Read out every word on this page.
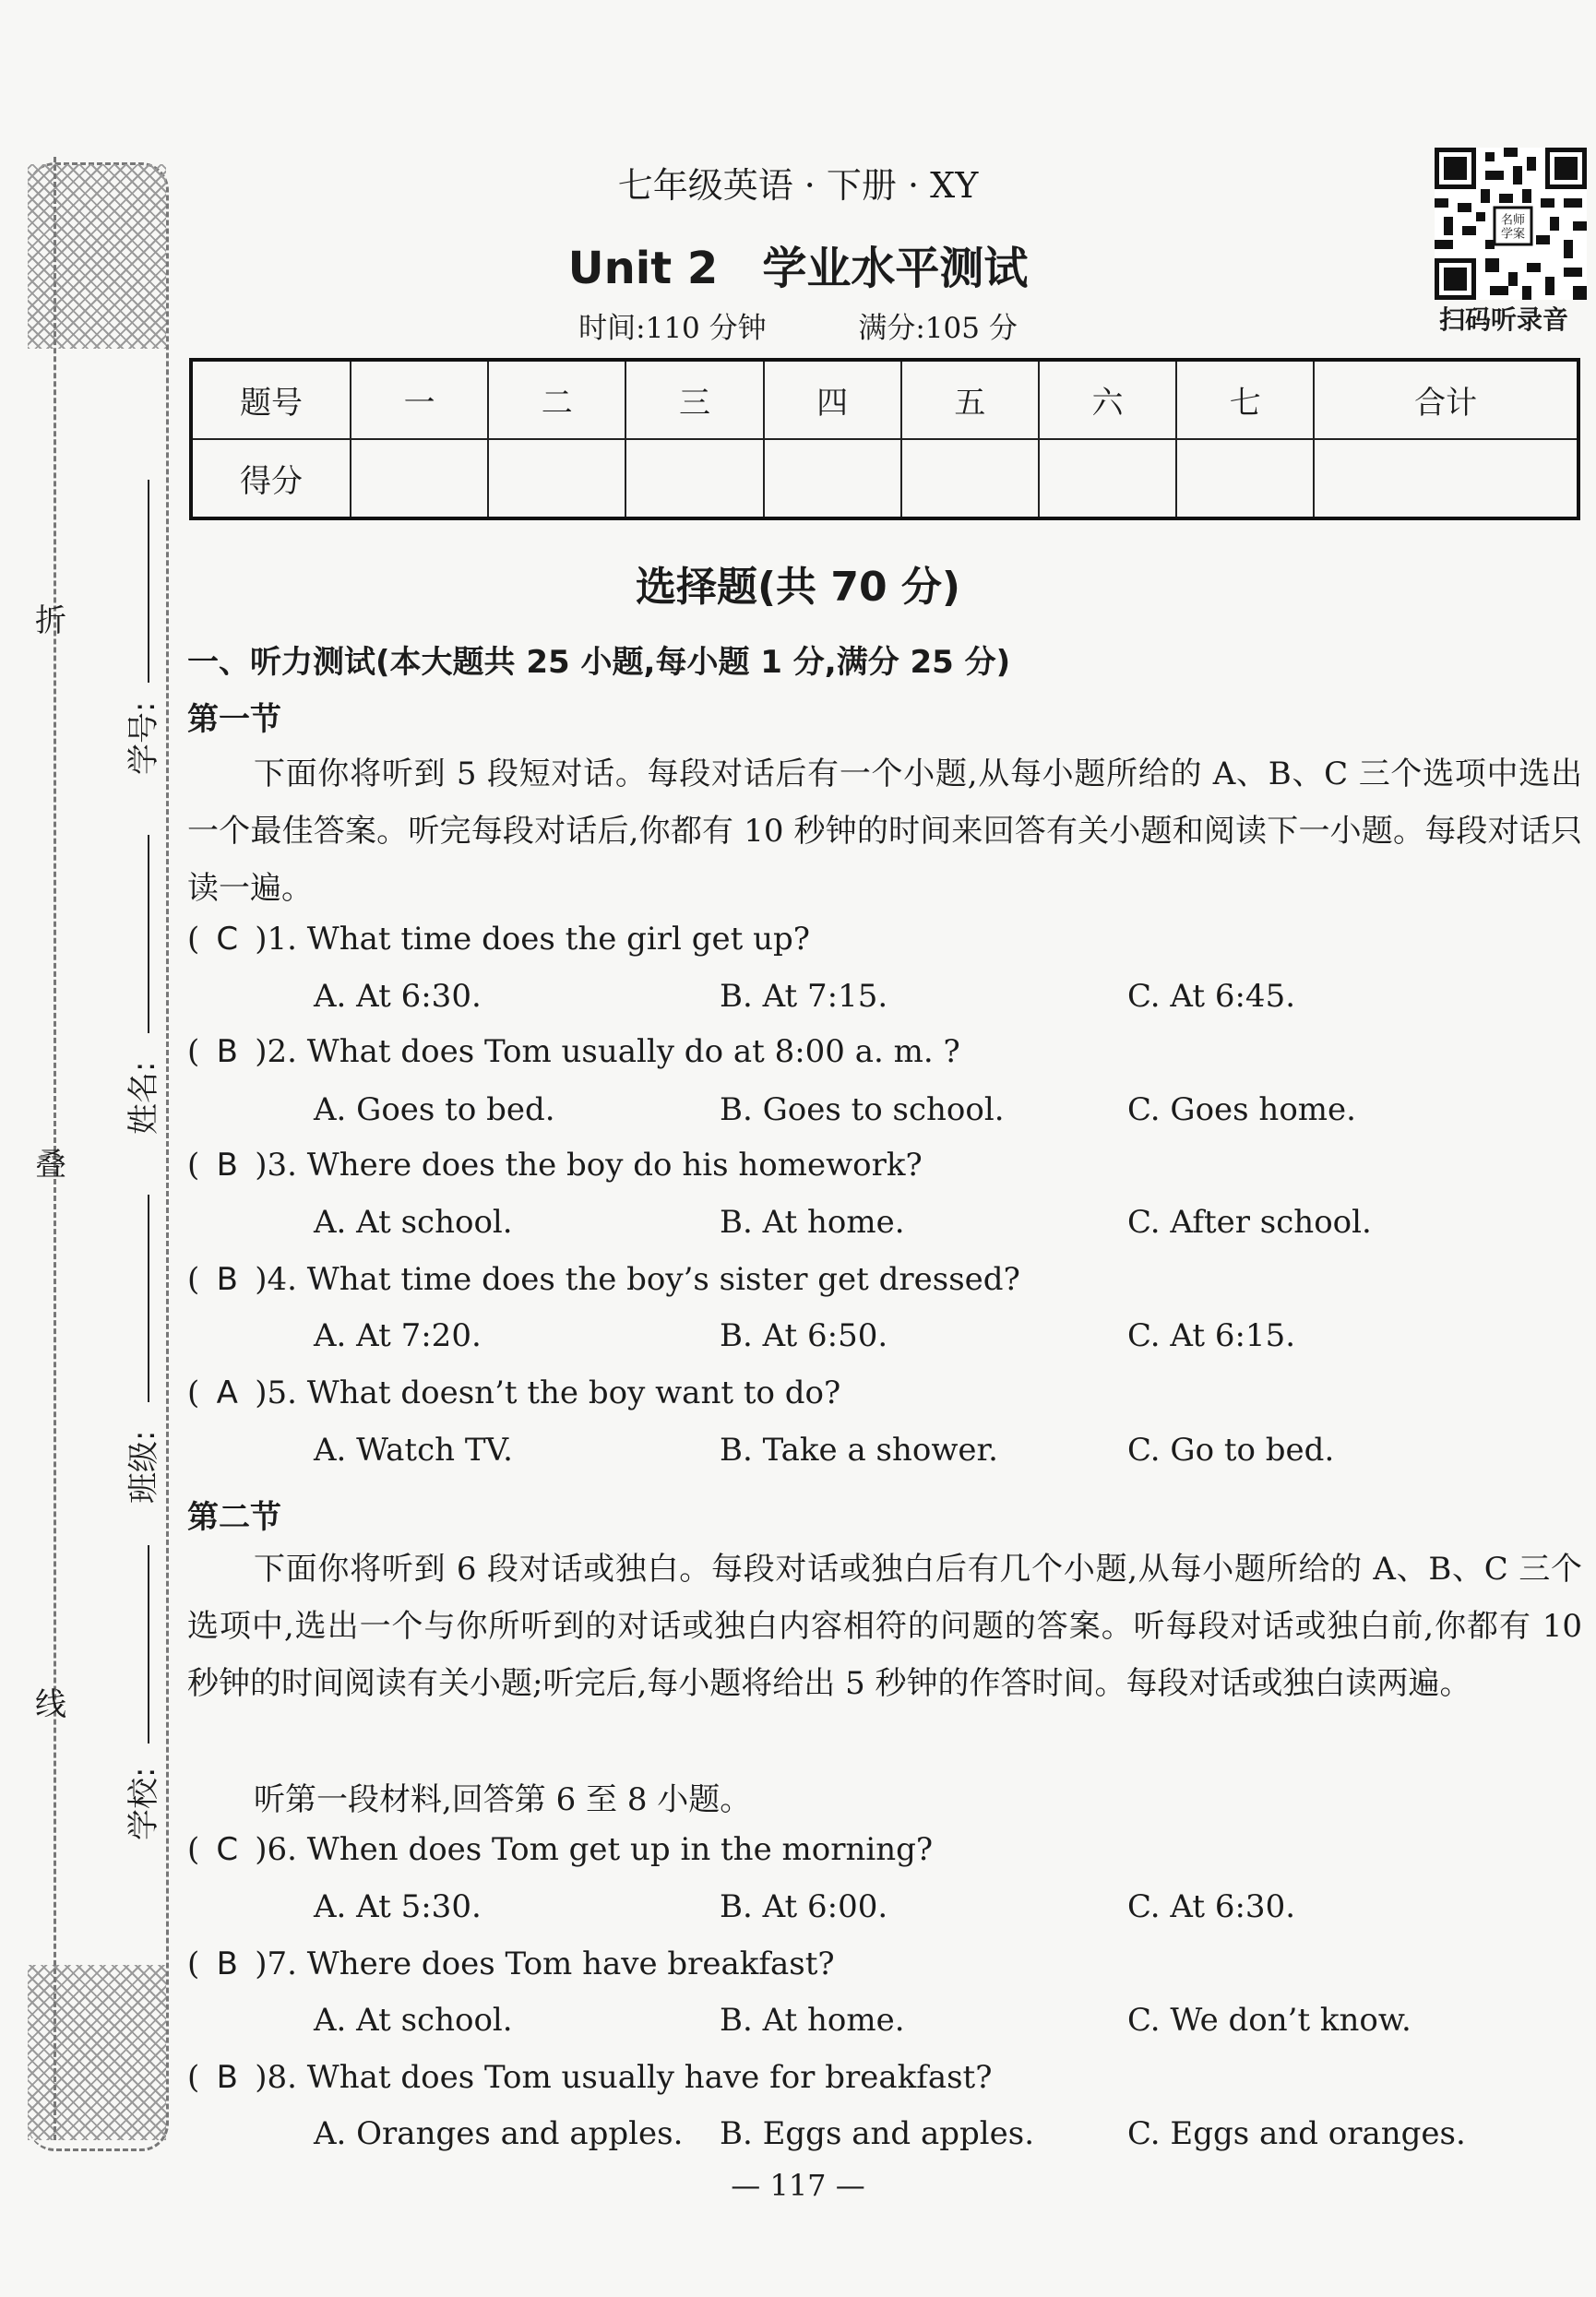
折
叠
线
学号:
姓名:
班级:
学校:
七年级英语 · 下册 · XY
Unit 2　学业水平测试
时间:110 分钟	满分:105 分
名师
学案
扫码听录音
题号	一	二	三	四	五	六	七	合计
得分								
选择题(共 70 分)
一、听力测试(本大题共 25 小题,每小题 1 分,满分 25 分)
第一节
下面你将听到 5 段短对话。每段对话后有一个小题,从每小题所给的 A、B、C 三个选项中选出一个最佳答案。听完每段对话后,你都有 10 秒钟的时间来回答有关小题和阅读下一小题。每段对话只读一遍。
( C )1. What time does the girl get up?
A. At 6:30.	B. At 7:15.	C. At 6:45.
( B )2. What does Tom usually do at 8:00 a. m. ?
A. Goes to bed.	B. Goes to school.	C. Goes home.
( B )3. Where does the boy do his homework?
A. At school.	B. At home.	C. After school.
( B )4. What time does the boy’s sister get dressed?
A. At 7:20.	B. At 6:50.	C. At 6:15.
( A )5. What doesn’t the boy want to do?
A. Watch TV.	B. Take a shower.	C. Go to bed.
第二节
下面你将听到 6 段对话或独白。每段对话或独白后有几个小题,从每小题所给的 A、B、C 三个选项中,选出一个与你所听到的对话或独白内容相符的问题的答案。听每段对话或独白前,你都有 10 秒钟的时间阅读有关小题;听完后,每小题将给出 5 秒钟的作答时间。每段对话或独白读两遍。
听第一段材料,回答第 6 至 8 小题。
( C )6. When does Tom get up in the morning?
A. At 5:30.	B. At 6:00.	C. At 6:30.
( B )7. Where does Tom have breakfast?
A. At school.	B. At home.	C. We don’t know.
( B )8. What does Tom usually have for breakfast?
A. Oranges and apples. B. Eggs and apples.	C. Eggs and oranges.
— 117 —
